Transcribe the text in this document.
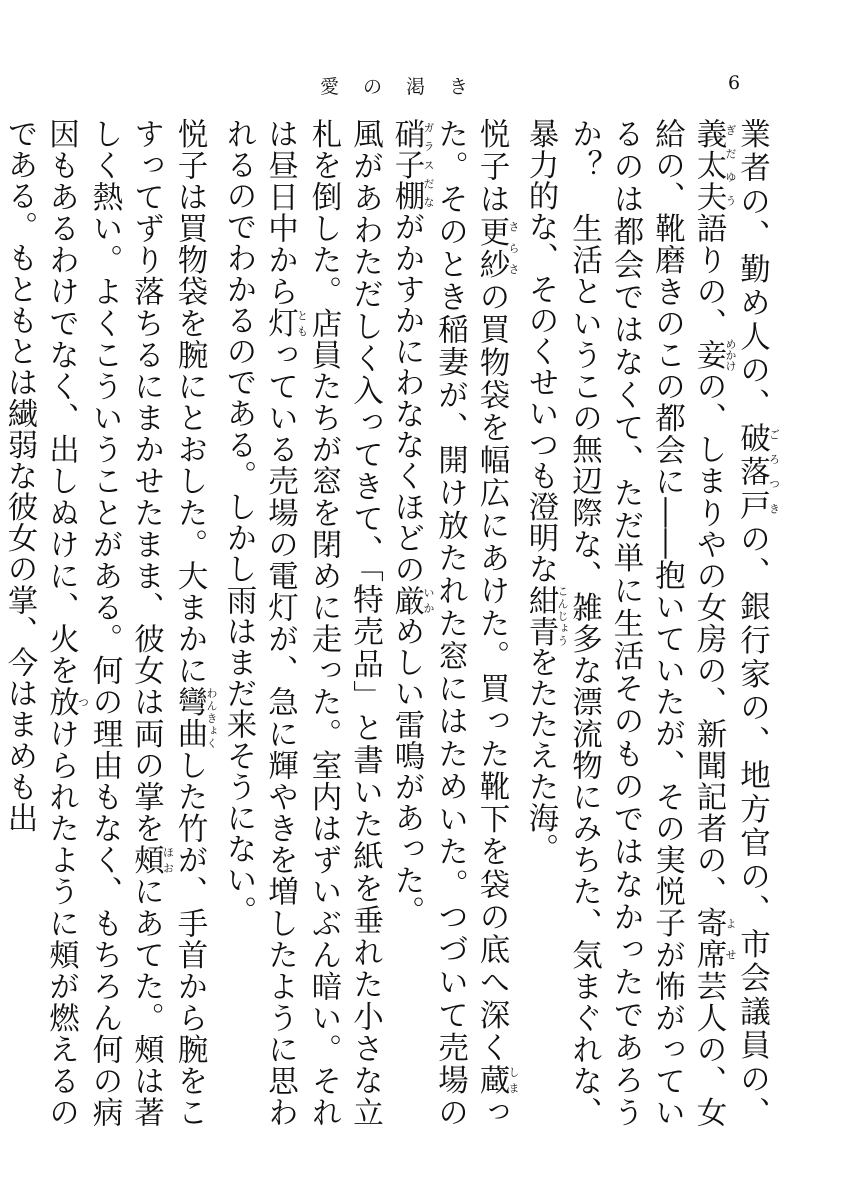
愛の渇き	6

業者の、勤め人の、破落戸ごろつきの、銀行家の、地方官の、市会議員の、義太夫ぎだゆう語りの、妾めかけの、しまりやの女房の、新聞記者の、寄席よせ芸人の、女給の、靴磨きのこの都会に――抱いていたが、その実悦子が怖がっているのは都会ではなくて、ただ単に生活そのものではなかったであろうか？　生活というこの無辺際な、雑多な漂流物にみちた、気まぐれな、暴力的な、そのくせいつも澄明な紺青こんじょうをたたえた海。

悦子は更紗さらさの買物袋を幅広にあけた。買った靴下を袋の底へ深く蔵しまった。そのとき稲妻が、開け放たれた窓にはためいた。つづいて売場の硝子棚ガラスだながかすかにわななくほどの厳いかめしい雷鳴があった。

風があわただしく入ってきて、「特売品」と書いた紙を垂れた小さな立札を倒した。店員たちが窓を閉めに走った。室内はずいぶん暗い。それは昼日中から灯ともっている売場の電灯が、急に輝やきを増したように思われるのでわかるのである。しかし雨はまだ来そうにない。

悦子は買物袋を腕にとおした。大まかに彎曲わんきょくした竹が、手首から腕をこすってずり落ちるにまかせたまま、彼女は両の掌を頰ほおにあてた。頰は著しく熱い。よくこういうことがある。何の理由もなく、もちろん何の病因もあるわけでなく、出しぬけに、火を放つけられたように頰が燃えるのである。もともとは繊弱な彼女の掌、今はまめも出
